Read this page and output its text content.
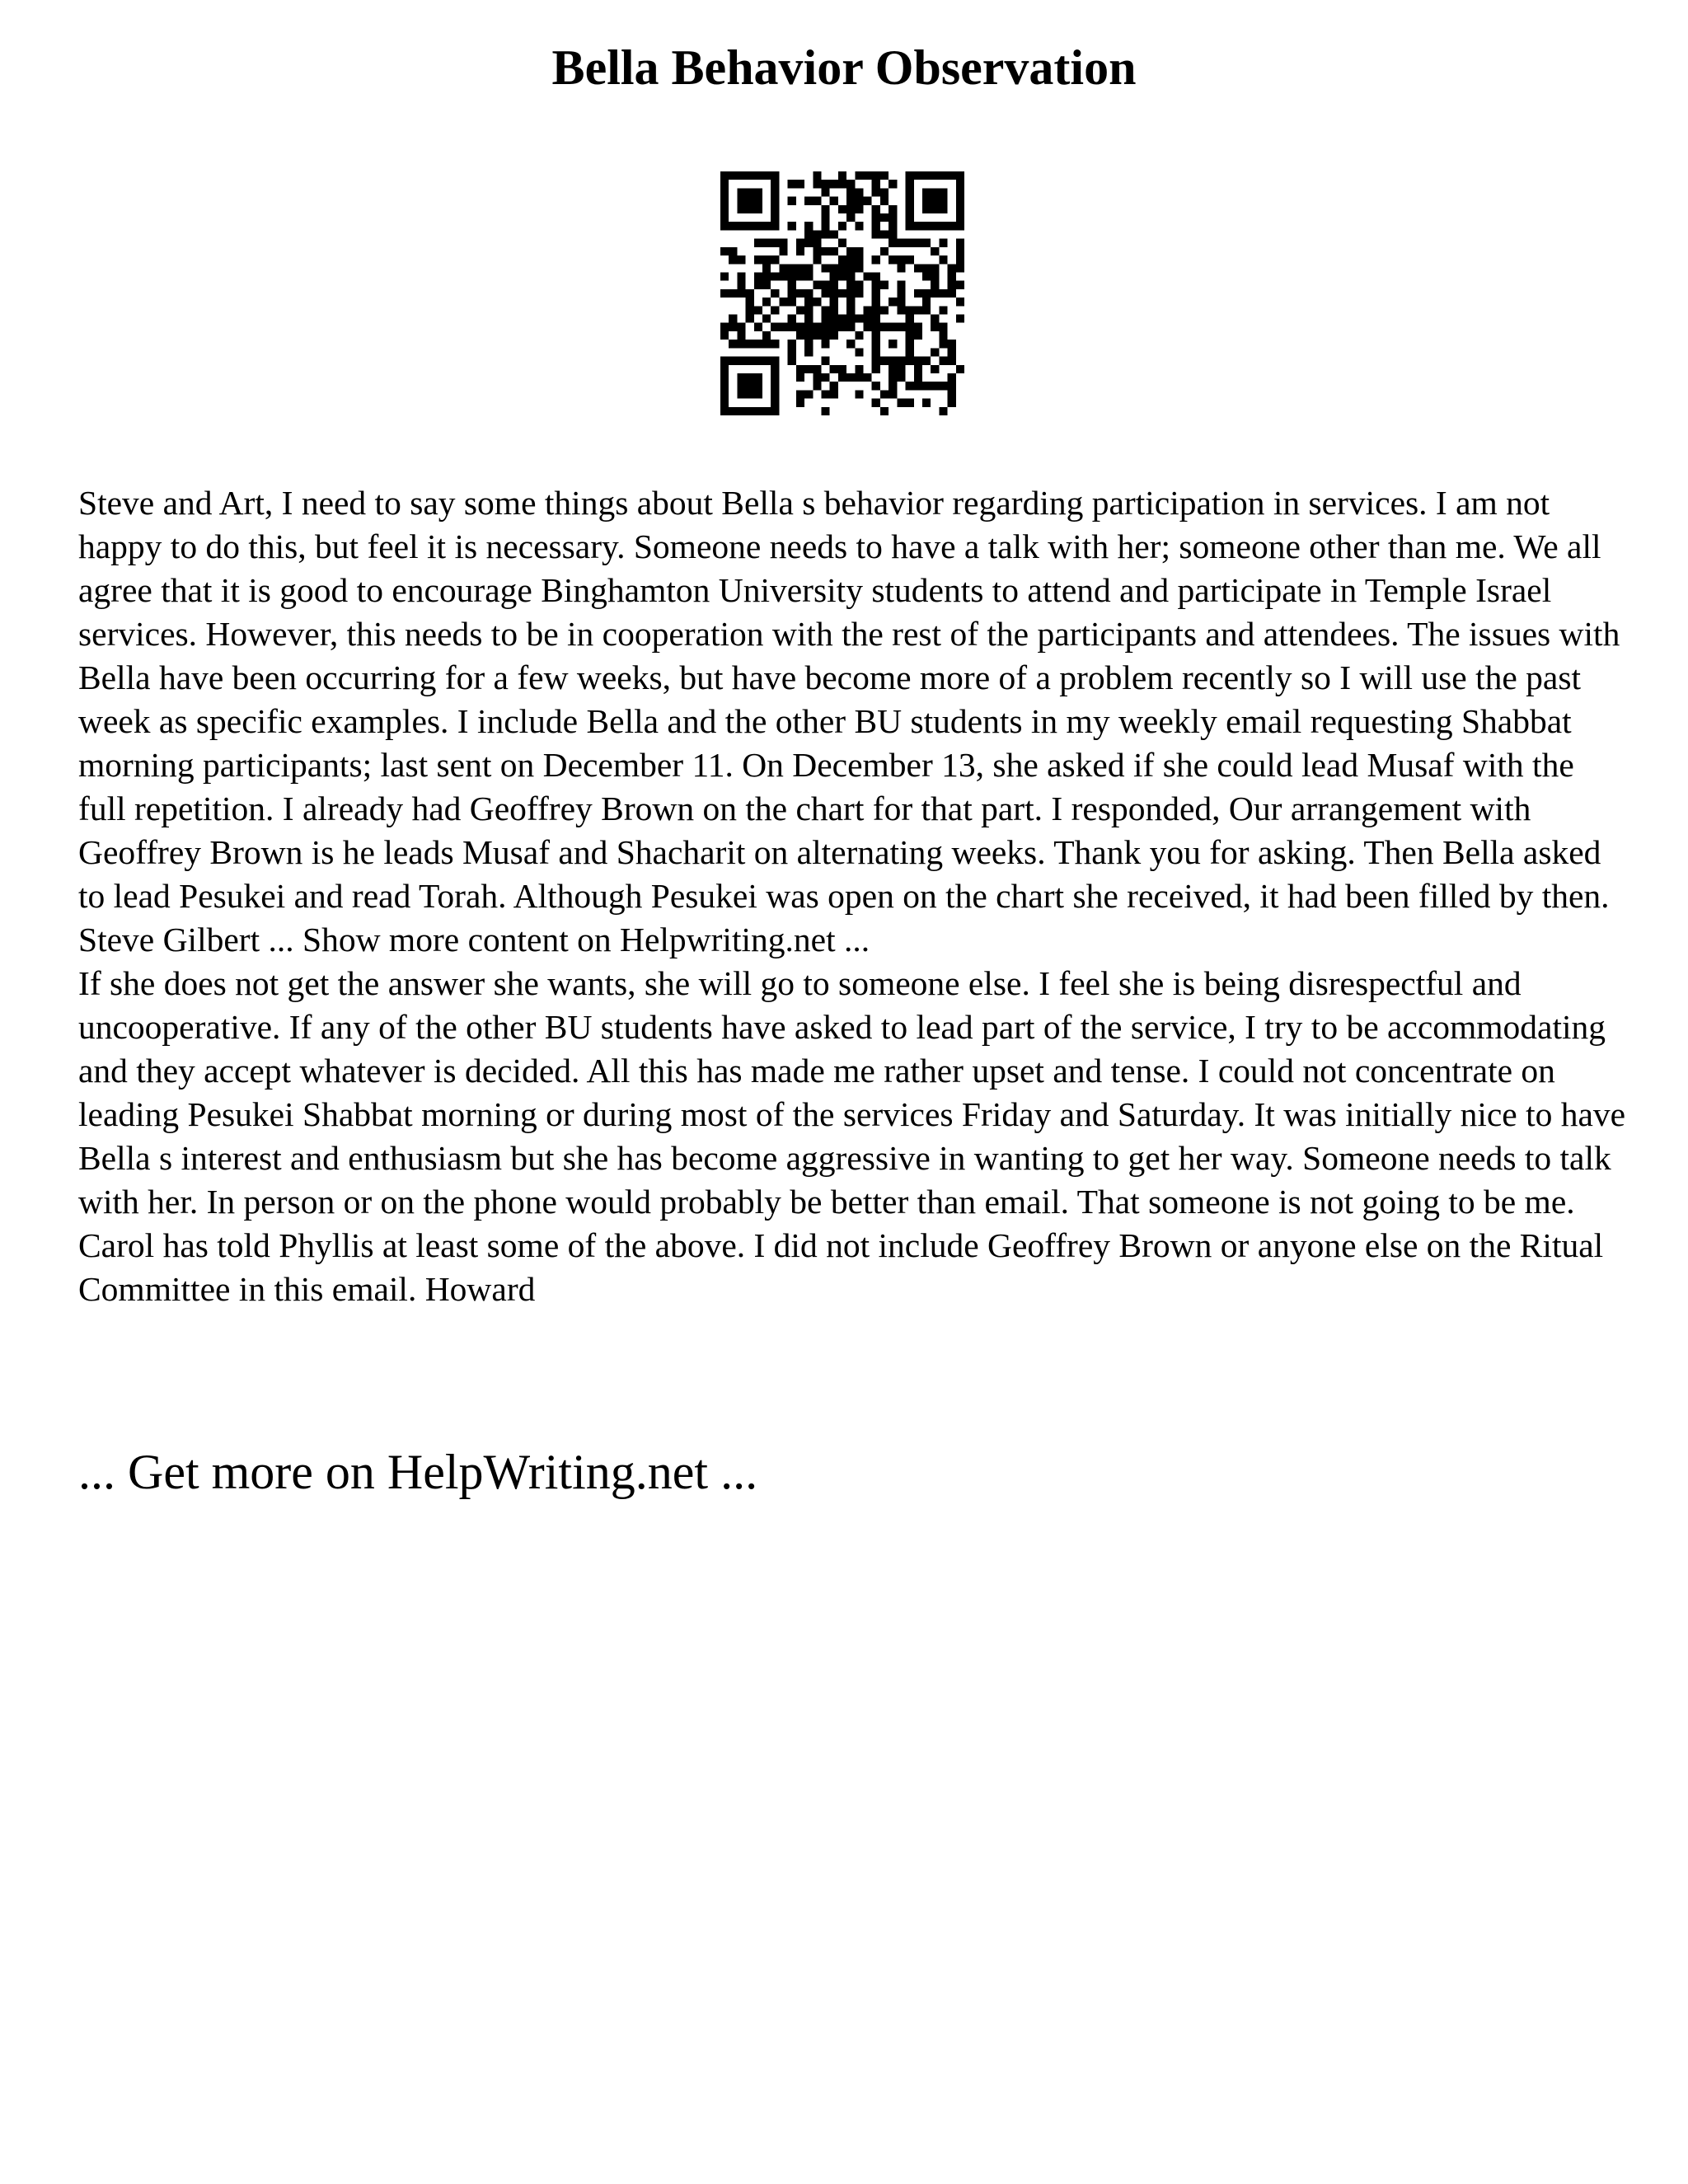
Bella Behavior Observation

Steve and Art, I need to say some things about Bella s behavior regarding participation in services. I am not happy to do this, but feel it is necessary. Someone needs to have a talk with her; someone other than me. We all agree that it is good to encourage Binghamton University students to attend and participate in Temple Israel services. However, this needs to be in cooperation with the rest of the participants and attendees. The issues with Bella have been occurring for a few weeks, but have become more of a problem recently so I will use the past week as specific examples. I include Bella and the other BU students in my weekly email requesting Shabbat morning participants; last sent on December 11. On December 13, she asked if she could lead Musaf with the full repetition. I already had Geoffrey Brown on the chart for that part. I responded, Our arrangement with Geoffrey Brown is he leads Musaf and Shacharit on alternating weeks. Thank you for asking. Then Bella asked to lead Pesukei and read Torah. Although Pesukei was open on the chart she received, it had been filled by then. Steve Gilbert ... Show more content on Helpwriting.net ...

If she does not get the answer she wants, she will go to someone else. I feel she is being disrespectful and uncooperative. If any of the other BU students have asked to lead part of the service, I try to be accommodating and they accept whatever is decided. All this has made me rather upset and tense. I could not concentrate on leading Pesukei Shabbat morning or during most of the services Friday and Saturday. It was initially nice to have Bella s interest and enthusiasm but she has become aggressive in wanting to get her way. Someone needs to talk with her. In person or on the phone would probably be better than email. That someone is not going to be me. Carol has told Phyllis at least some of the above. I did not include Geoffrey Brown or anyone else on the Ritual Committee in this email. Howard

... Get more on HelpWriting.net ...
